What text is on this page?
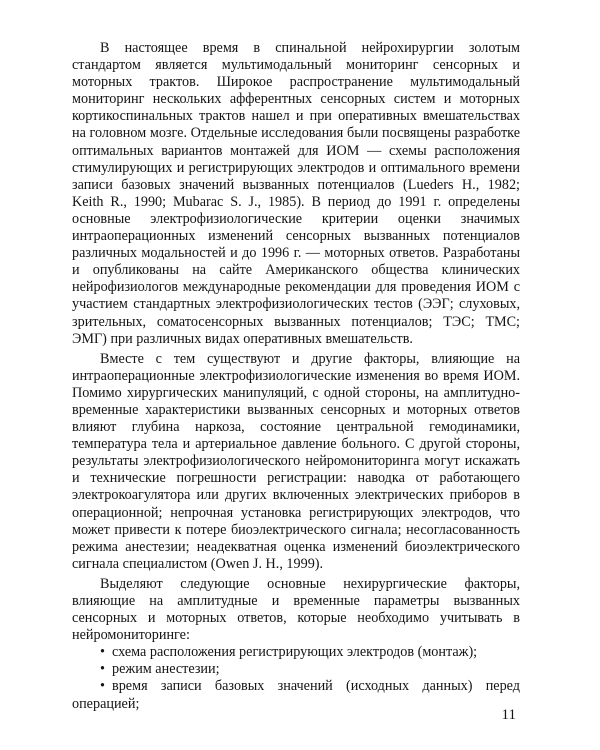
В настоящее время в спинальной нейрохирургии золотым стандартом является мультимодальный мониторинг сенсорных и моторных трактов. Широкое распространение мультимодальный мониторинг нескольких афферентных сенсорных систем и моторных кортикоспинальных трактов нашел и при оперативных вмешательствах на головном мозге. Отдельные исследования были посвящены разработке оптимальных вариантов монтажей для ИОМ — схемы расположения стимулирующих и регистрирующих электродов и оптимального времени записи базовых значений вызванных потенциалов (Lueders H., 1982; Keith R., 1990; Mubarac S. J., 1985). В период до 1991 г. определены основные электрофизиологические критерии оценки значимых интраоперационных изменений сенсорных вызванных потенциалов различных модальностей и до 1996 г. — моторных ответов. Разработаны и опубликованы на сайте Американского общества клинических нейрофизиологов международные рекомендации для проведения ИОМ с участием стандартных электрофизиологических тестов (ЭЭГ; слуховых, зрительных, соматосенсорных вызванных потенциалов; ТЭС; ТМС; ЭМГ) при различных видах оперативных вмешательств.

Вместе с тем существуют и другие факторы, влияющие на интраоперационные электрофизиологические изменения во время ИОМ. Помимо хирургических манипуляций, с одной стороны, на амплитудно-временные характеристики вызванных сенсорных и моторных ответов влияют глубина наркоза, состояние центральной гемодинамики, температура тела и артериальное давление больного. С другой стороны, результаты электрофизиологического нейромониторинга могут искажать и технические погрешности регистрации: наводка от работающего электрокоагулятора или других включенных электрических приборов в операционной; непрочная установка регистрирующих электродов, что может привести к потере биоэлектрического сигнала; несогласованность режима анестезии; неадекватная оценка изменений биоэлектрического сигнала специалистом (Owen J. H., 1999).

Выделяют следующие основные нехирургические факторы, влияющие на амплитудные и временные параметры вызванных сенсорных и моторных ответов, которые необходимо учитывать в нейромониторинге:

• схема расположения регистрирующих электродов (монтаж);
• режим анестезии;
• время записи базовых значений (исходных данных) перед операцией;
11
